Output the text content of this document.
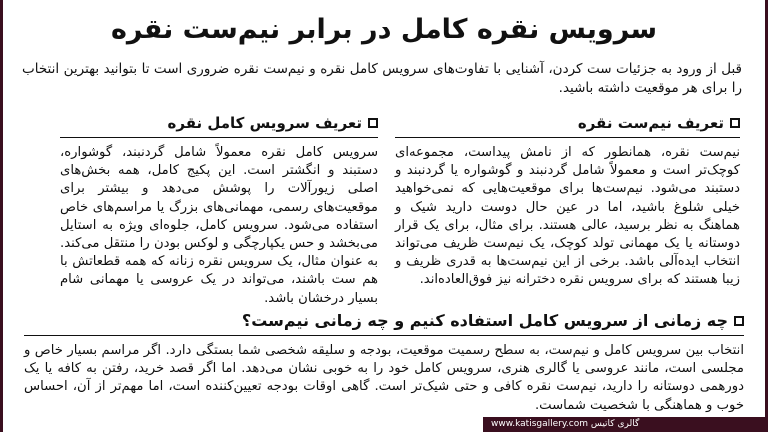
سرویس نقره کامل در برابر نیم‌ست نقره
قبل از ورود به جزئیات ست کردن، آشنایی با تفاوت‌های سرویس کامل نقره و نیم‌ست نقره ضروری است تا بتوانید بهترین انتخاب را برای هر موقعیت داشته باشید.
تعریف نیم‌ست نقره
نیم‌ست نقره، همانطور که از نامش پیداست، مجموعه‌ای کوچک‌تر است و معمولاً شامل گردنبند و گوشواره یا گردنبند و دستبند می‌شود. نیم‌ست‌ها برای موقعیت‌هایی که نمی‌خواهید خیلی شلوغ باشید، اما در عین حال دوست دارید شیک و هماهنگ به نظر برسید، عالی هستند. برای مثال، برای یک قرار دوستانه یا یک مهمانی تولد کوچک، یک نیم‌ست ظریف می‌تواند انتخاب ایده‌آلی باشد. برخی از این نیم‌ست‌ها به قدری ظریف و زیبا هستند که برای سرویس نقره دخترانه نیز فوق‌العاده‌اند.
تعریف سرویس کامل نقره
سرویس کامل نقره معمولاً شامل گردنبند، گوشواره، دستبند و انگشتر است. این پکیج کامل، همه بخش‌های اصلی زیورآلات را پوشش می‌دهد و بیشتر برای موقعیت‌های رسمی، مهمانی‌های بزرگ یا مراسم‌های خاص استفاده می‌شود. سرویس کامل، جلوه‌ای ویژه به استایل می‌بخشد و حس یکپارچگی و لوکس بودن را منتقل می‌کند. به عنوان مثال، یک سرویس نقره زنانه که همه قطعاتش با هم ست باشند، می‌تواند در یک عروسی یا مهمانی شام بسیار درخشان باشد.
چه زمانی از سرویس کامل استفاده کنیم و چه زمانی نیم‌ست؟
انتخاب بین سرویس کامل و نیم‌ست، به سطح رسمیت موقعیت، بودجه و سلیقه شخصی شما بستگی دارد. اگر مراسم بسیار خاص و مجلسی است، مانند عروسی یا گالری هنری، سرویس کامل خود را به خوبی نشان می‌دهد. اما اگر قصد خرید، رفتن به کافه یا یک دورهمی دوستانه را دارید، نیم‌ست نقره کافی و حتی شیک‌تر است. گاهی اوقات بودجه تعیین‌کننده است، اما مهم‌تر از آن، احساس خوب و هماهنگی با شخصیت شماست.
گالری کاتیس www.katisgallery.com
